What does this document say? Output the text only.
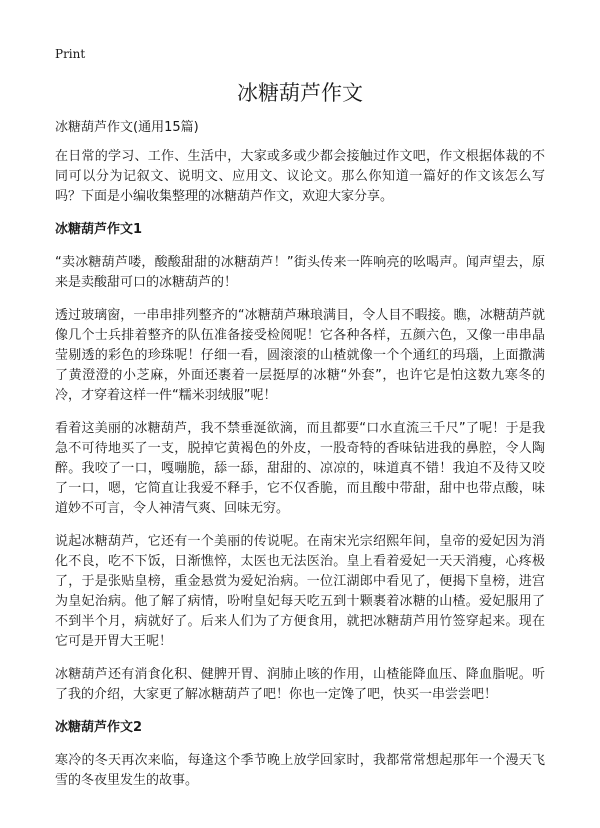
Print
冰糖葫芦作文

冰糖葫芦作文(通用15篇)

在日常的学习、工作、生活中，大家或多或少都会接触过作文吧，作文根据体裁的不同可以分为记叙文、说明文、应用文、议论文。那么你知道一篇好的作文该怎么写吗？下面是小编收集整理的冰糖葫芦作文，欢迎大家分享。

冰糖葫芦作文1

“卖冰糖葫芦喽，酸酸甜甜的冰糖葫芦！”街头传来一阵响亮的吆喝声。闻声望去，原来是卖酸甜可口的冰糖葫芦的！

透过玻璃窗，一串串排列整齐的“冰糖葫芦琳琅满目，令人目不暇接。瞧，冰糖葫芦就像几个士兵排着整齐的队伍准备接受检阅呢！它各种各样，五颜六色，又像一串串晶莹剔透的彩色的珍珠呢！仔细一看，圆滚滚的山楂就像一个个通红的玛瑙，上面撒满了黄澄澄的小芝麻，外面还裹着一层挺厚的冰糖“外套”，也许它是怕这数九寒冬的冷，才穿着这样一件“糯米羽绒服”呢！

看着这美丽的冰糖葫芦，我不禁垂涎欲滴，而且都要“口水直流三千尺”了呢！于是我急不可待地买了一支，脱掉它黄褐色的外皮，一股奇特的香味钻进我的鼻腔，令人陶醉。我咬了一口，嘎嘣脆，舔一舔，甜甜的、凉凉的，味道真不错！我迫不及待又咬了一口，嗯，它简直让我爱不释手，它不仅香脆，而且酸中带甜，甜中也带点酸，味道妙不可言，令人神清气爽、回味无穷。

说起冰糖葫芦，它还有一个美丽的传说呢。在南宋光宗绍熙年间，皇帝的爱妃因为消化不良，吃不下饭，日渐憔悴，太医也无法医治。皇上看着爱妃一天天消瘦，心疼极了，于是张贴皇榜，重金悬赏为爱妃治病。一位江湖郎中看见了，便揭下皇榜，进宫为皇妃治病。他了解了病情，吩咐皇妃每天吃五到十颗裹着冰糖的山楂。爱妃服用了不到半个月，病就好了。后来人们为了方便食用，就把冰糖葫芦用竹签穿起来。现在它可是开胃大王呢！

冰糖葫芦还有消食化积、健脾开胃、润肺止咳的作用，山楂能降血压、降血脂呢。听了我的介绍，大家更了解冰糖葫芦了吧！你也一定馋了吧，快买一串尝尝吧！

冰糖葫芦作文2

寒冷的冬天再次来临，每逢这个季节晚上放学回家时，我都常常想起那年一个漫天飞雪的冬夜里发生的故事。
